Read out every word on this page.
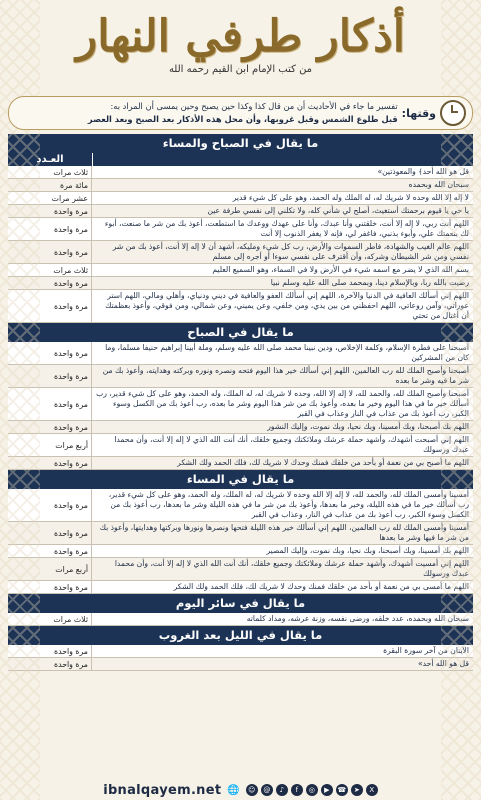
أذكار طرفي النهار
من كتب الإمام ابن القيم رحمه الله
وقتها:
تفسير ما جاء في الأحاديث أن من قال كذا وكذا حين يصبح وحين يمسى أن المراد به:
قبل طلوع الشمس وقبل غروبها، وأن محل هذه الأذكار بعد الصبح وبعد العصر
ما يقال في الصباح والمساء
العـدد
قل هو الله أحد﴾ والمعوذتين»
ثلاث مرات
سبحان الله وبحمده
مائة مرة
لا إله إلا الله وحده لا شريك له، له الملك وله الحمد، وهو على كل شيء قدير
عشر مرات
يا حي يا قيوم برحمتك أستغيث، أصلح لي شأني كله، ولا تكلني إلى نفسي طرفة عين
مرة واحدة
اللهم أنت ربي، لا إله إلا أنت، خلقتني وأنا عبدك، وأنا على عهدك ووعدك ما استطعت، أعوذ بك من شر ما صنعت، أبوء لك بنعمتك علي، وأبوء بذنبي، فاغفر لي، فإنه لا يغفر الذنوب إلا أنت
مرة واحدة
اللهم عالم الغيب والشهادة، فاطر السموات والأرض، رب كل شيء ومليكه، أشهد أن لا إله إلا أنت، أعوذ بك من شر نفسي ومن شر الشيطان وشركه، وأن أقترف على نفسي سوءا أو أجره إلى مسلم
مرة واحدة
بسم الله الذي لا يضر مع اسمه شيء في الأرض ولا في السماء، وهو السميع العليم
ثلاث مرات
رضيت بالله ربا، وبالإسلام دينا، وبمحمد صلى الله عليه وسلم نبيا
مرة واحدة
اللهم إني أسألك العافية في الدنيا والآخرة، اللهم إني أسألك العفو والعافية في ديني ودنياي، وأهلي ومالي، اللهم استر عوراتي، وآمن روعاتي، اللهم احفظني من بين يدي، ومن خلفي، وعن يميني، وعن شمالي، ومن فوقي، وأعوذ بعظمتك أن أغتال من تحتي
مرة واحدة
ما يقال في الصباح
أصبحنا على فطرة الإسلام، وكلمة الإخلاص، ودين نبينا محمد صلى الله عليه وسلم، وملة أبينا إبراهيم حنيفا مسلما، وما كان من المشركين
مرة واحدة
أصبحنا وأصبح الملك لله رب العالمين، اللهم إني أسألك خير هذا اليوم فتحه ونصره ونوره وبركته وهدايته، وأعوذ بك من شر ما فيه وشر ما بعده
مرة واحدة
أصبحنا وأصبح الملك لله، والحمد لله، لا إله إلا الله، وحده لا شريك له، له الملك، وله الحمد، وهو على كل شيء قدير، رب أسألك خير ما في هذا اليوم وخير ما بعده، وأعوذ بك من شر هذا اليوم وشر ما بعده، رب أعوذ بك من الكسل وسوء الكبر، رب أعوذ بك من عذاب في النار وعذاب في القبر
مرة واحدة
اللهم بك أصبحنا، وبك أمسينا، وبك نحيا، وبك نموت، وإليك النشور
مرة واحدة
اللهم إني أصبحت أشهدك، وأشهد حملة عرشك وملائكتك وجميع خلقك، أنك أنت الله الذي لا إله إلا أنت، وأن محمدا عبدك ورسولك
أربع مرات
اللهم ما أصبح بي من نعمة أو بأحد من خلقك فمنك وحدك لا شريك لك، فلك الحمد ولك الشكر
مرة واحدة
ما يقال في المساء
أمسينا وأمسى الملك لله، والحمد لله، لا إله إلا الله وحده لا شريك له، له الملك، وله الحمد، وهو على كل شيء قدير، رب أسألك خير ما في هذه الليلة، وخير ما بعدها، وأعوذ بك من شر ما في هذه الليلة وشر ما بعدها، رب أعوذ بك من الكسل وسوء الكبر، رب أعوذ بك من عذاب في النار، وعذاب في القبر
مرة واحدة
أمسينا وأمسى الملك لله رب العالمين، اللهم إني أسألك خير هذه الليلة فتحها ونصرها ونورها وبركتها وهدايتها، وأعوذ بك من شر ما فيها وشر ما بعدها
مرة واحدة
اللهم بك أمسينا، وبك أصبحنا، وبك نحيا، وبك نموت، وإليك المصير
مرة واحدة
اللهم إني أمسيت أشهدك، وأشهد حملة عرشك وملائكتك وجميع خلقك، أنك أنت الله الذي لا إله إلا أنت، وأن محمدا عبدك ورسولك
أربع مرات
اللهم ما أمسى بي من نعمة أو بأحد من خلقك فمنك وحدك لا شريك لك، فلك الحمد ولك الشكر
مرة واحدة
ما يقال في سائر اليوم
سبحان الله وبحمده، عدد خلقه، ورضى نفسه، وزنة عرشه، ومداد كلماته
ثلاث مرات
ما يقال في الليل بعد الغروب
الآيتان من آخر سورة البقرة
مرة واحدة
قل هو الله أحد»
مرة واحدة
X
➤
☎
▶
◎
f
♪
@
☺
🌐
ibnalqayem.net
